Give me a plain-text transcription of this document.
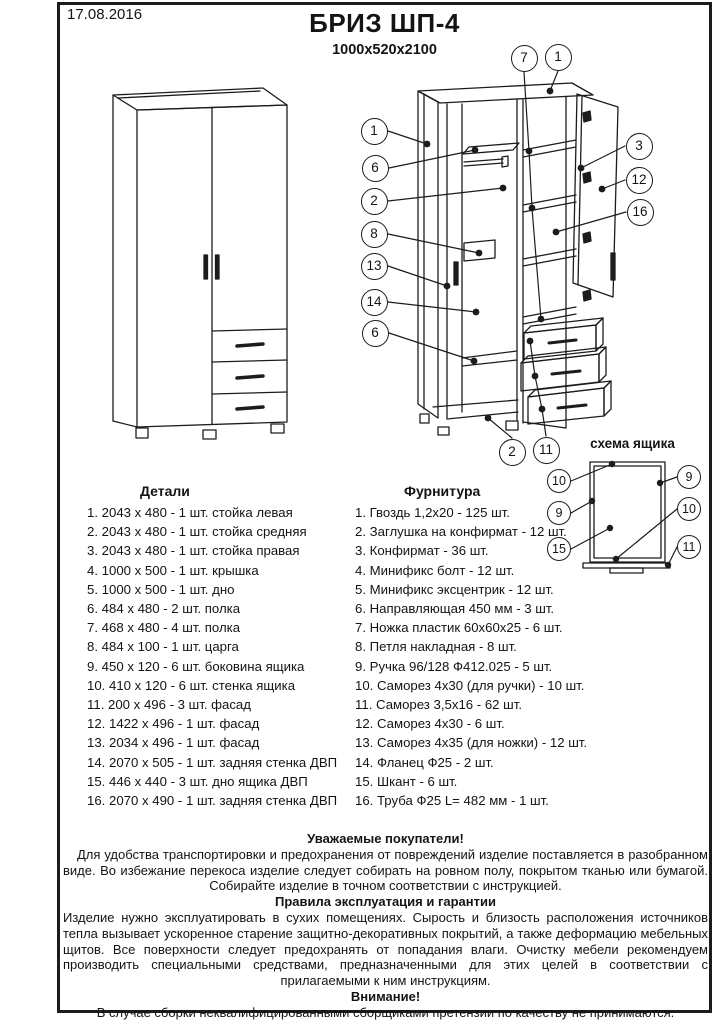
17.08.2016	БРИЗ ШП-4
1000х520х2100	7	1
1
6
2
8
13
14
6
3
12
16
2	11
10
9
15
9
10
11
схема ящика
Детали	Фурнитура
1. 2043 х 480 - 1 шт. стойка левая
2. 2043 х 480 - 1 шт. стойка средняя
3. 2043 х 480 - 1 шт. стойка правая
4. 1000 х 500 - 1 шт. крышка
5. 1000 х 500 - 1 шт. дно
6. 484 х 480 - 2 шт. полка
7. 468 х 480 - 4 шт. полка
8. 484 х 100 - 1 шт. царга
9. 450 х 120 - 6 шт. боковина ящика
10. 410 х 120 - 6 шт. стенка ящика
11. 200 х 496 - 3 шт. фасад
12. 1422 х 496 - 1 шт. фасад
13. 2034 х 496 - 1 шт. фасад
14. 2070 х 505 - 1 шт. задняя стенка ДВП
15. 446 х 440 - 3 шт. дно ящика ДВП
16. 2070 х 490 - 1 шт. задняя стенка ДВП
1. Гвоздь 1,2х20 - 125 шт.
2. Заглушка на конфирмат - 12 шт.
3. Конфирмат - 36 шт.
4. Минификс болт - 12 шт.
5. Минификс эксцентрик - 12 шт.
6. Направляющая 450 мм - 3 шт.
7. Ножка пластик 60х60х25 - 6 шт.
8. Петля накладная - 8 шт.
9. Ручка 96/128 Ф412.025 - 5 шт.
10. Саморез 4х30 (для ручки) - 10 шт.
11. Саморез 3,5х16 - 62 шт.
12. Саморез 4х30 - 6 шт.
13. Саморез 4х35 (для ножки) - 12 шт.
14. Фланец Ф25 - 2 шт.
15. Шкант - 6 шт.
16. Труба Ф25 L= 482 мм - 1 шт.
Уважаемые покупатели!

Для удобства транспортировки и предохранения от повреждений изделие поставляется в разобранном виде. Во избежание перекоса изделие следует собирать на ровном полу, покрытом тканью или бумагой. Собирайте изделие в точном соответствии с инструкцией.

Правила эксплуатация и гарантии

Изделие нужно эксплуатировать в сухих помещениях. Сырость и близость расположения источников тепла вызывает ускоренное старение защитно-декоративных покрытий, а также деформацию мебельных щитов. Все поверхности следует предохранять от попадания влаги. Очистку мебели рекомендуем производить специальными средствами, предназначенными для этих целей в соответствии с прилагаемыми к ним инструкциям.

Внимание!
В случае сборки неквалифицированными сборщиками претензии по качеству не принимаются.
